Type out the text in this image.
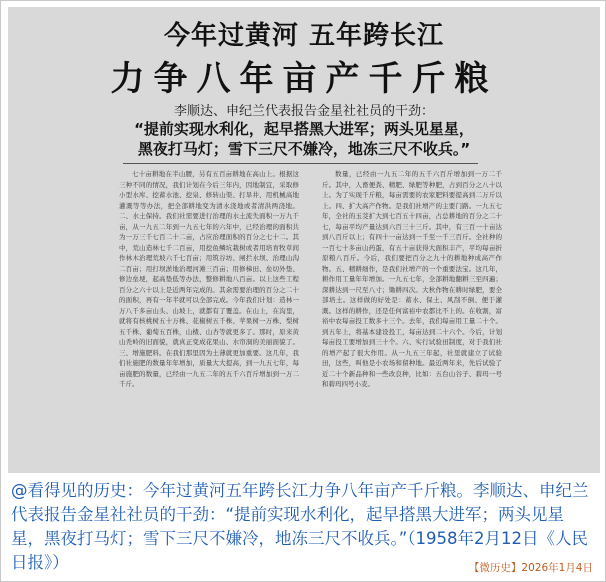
今年过黄河 五年跨长江
力争八年亩产千斤粮
李顺达、申纪兰代表报告金星社社员的干劲：
“提前实现水利化，起早搭黑大进军；两头见星星，
黑夜打马灯；雪下三尺不嫌冷，地冻三尺不收兵。”
七十亩耕地在半山腰，另有五百亩耕地在高山上。根据这三种不同的情况，我们计划在今后三年内，因地制宜，采取修小型水库、挖蓄水池、挖泉、修转山渠、打旱井、用机械高地灌溉等等办法，把全部耕地变为清水浇地或者清洪两浇地。二、水土保持。我们社需要进行治理的水土流失面积一万九千亩，从一九五二年到一九五七年的六年中，已经治理的面积共为一万三千七百二十二亩，占应治理面积的百分之七十二。其中，荒山造林七千二百亩，用挖鱼鳞坑栽树或者用培育牧草间作林木治理荒坡六千七百亩；用筑谷坊、闸拦水坝、治理山沟二百亩；用打坝淤地治理河滩三百亩；用修梯田、垒切外垫、修边垒埂，起高垫低等办法，整修耕地八百亩。以上这些工程百分之六十以上是近两年完成的。其余需要治理的百分之二十的面积，再有一年半就可以全部完成。今年我们计划：造林一万八千多亩山头、山坡上，就都有了覆盖。在山上，在沟里，就将有核桃树五十万株、花椒树五千株、苹果树一万株、梨树五千株、葡萄五百株，山楂、山杏等就更多了。那时，原来黄山秃岭的旧面貌，就真正变成花果山、水帘洞的美丽面貌了。三、增施肥料。在我们那里因为土薄就更加重要。这几年，我们社施肥的数量年年增加，质量大大提高，到一九五七年，每亩施肥的数量，已经由一九五二年的五千六百斤增加到一万二千斤。
数量，已经由一九五二年的五千六百斤增加到一万二千斤。其中，人畜便粪、精肥、绿肥等种肥，占到百分之八十以上。为了实现千斤粮，每亩需要的农家肥料要提高到二万斤以上。四、扩大高产作物。是我们社增产的主要门路。一九五七年，全社的玉茭扩大到七百五十四亩，占总耕地的百分之二十七，每亩平均产量达到六百三十三斤。其中，有三百一十亩达到八百斤以上；有四十一亩达到一千至一千三百斤。全社种的一百七十多亩山药蛋，有五十亩获得大面积丰产，平均每亩折原粮八百斤。今后，我们要把百分之九十的耕地种成高产作物。五、精耕细作，是我们社增产的一个重要法宝。这几年，耕作用工量年年增加。一九五七年，全部耕地翻耕三至四遍；深耕达到一尺至八寸；锄耕四次。大秋作物在耕时绿肥，要全部培土。这样做的好处是：蓄水、保土、风刮不倒、便于灌溉。这样的耕作，还是任何富裕中农都比不上的。在收割，富裕中农每亩投工数多十三个。去年，我们每亩用工量二十个。到五年上，将基本建设投工，每亩达到二十六个。今后，计划每亩投工要增加到三十个。六、实行试验田制度，对于我们社的增产起了很大作用。从一九五三年起，社里就建立了试验田，这些，叫他是小农场和留种地。最近两年来，先后试验了近二十个新品种和一些改良种，比如：五台山谷子、碧玛一号和碧玛四号小麦。
@看得见的历史：今年过黄河五年跨长江力争八年亩产千斤粮。李顺达、申纪兰代表报告金星社社员的干劲：“提前实现水利化，起早搭黑大进军；两头见星星，黑夜打马灯；雪下三尺不嫌冷，地冻三尺不收兵。”（1958年2月12日《人民日报》）	【微历史】2026年1月4日
